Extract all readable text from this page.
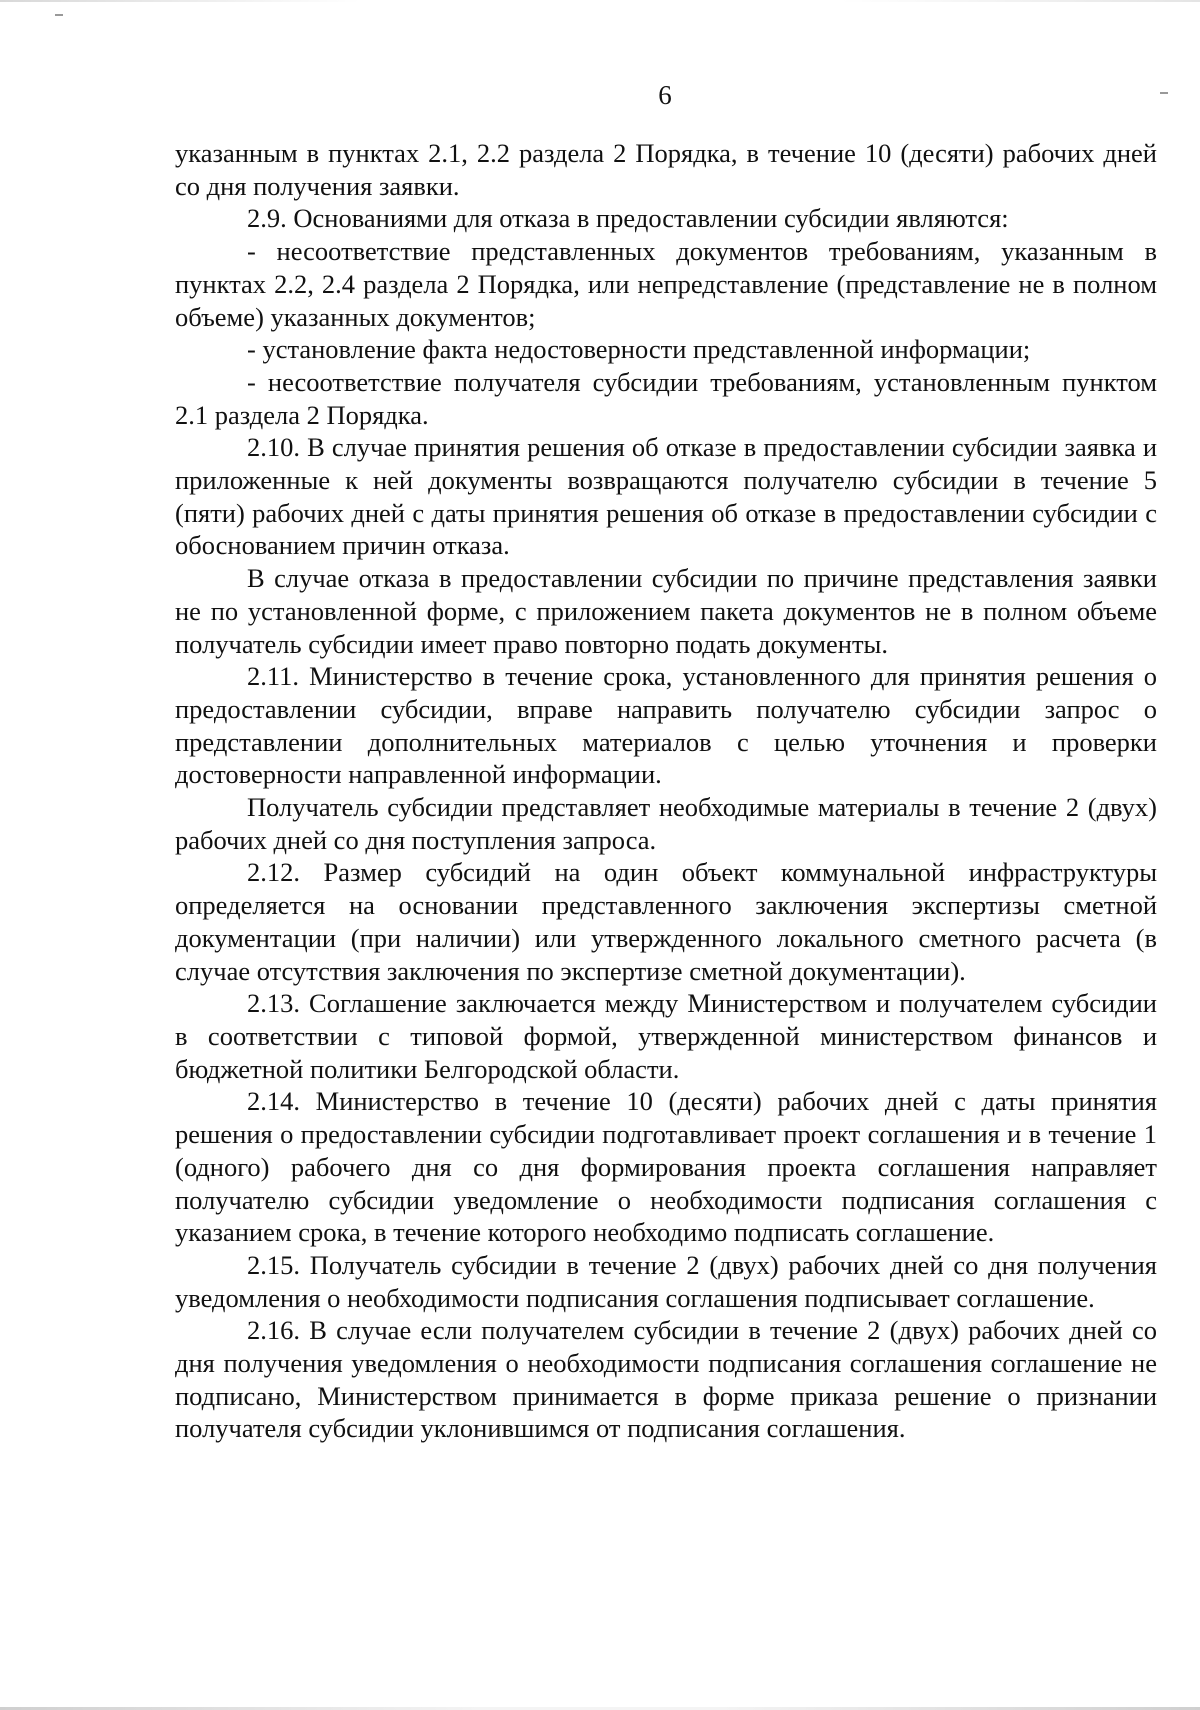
6

указанным в пунктах 2.1, 2.2 раздела 2 Порядка, в течение 10 (десяти) рабочих дней со дня получения заявки.

2.9. Основаниями для отказа в предоставлении субсидии являются:

- несоответствие представленных документов требованиям, указанным в пунктах 2.2, 2.4 раздела 2 Порядка, или непредставление (представление не в полном объеме) указанных документов;

- установление факта недостоверности представленной информации;

- несоответствие получателя субсидии требованиям, установленным пунктом 2.1 раздела 2 Порядка.

2.10. В случае принятия решения об отказе в предоставлении субсидии заявка и приложенные к ней документы возвращаются получателю субсидии в течение 5 (пяти) рабочих дней с даты принятия решения об отказе в предоставлении субсидии с обоснованием причин отказа.

В случае отказа в предоставлении субсидии по причине представления заявки не по установленной форме, с приложением пакета документов не в полном объеме получатель субсидии имеет право повторно подать документы.

2.11. Министерство в течение срока, установленного для принятия решения о предоставлении субсидии, вправе направить получателю субсидии запрос о представлении дополнительных материалов с целью уточнения и проверки достоверности направленной информации.

Получатель субсидии представляет необходимые материалы в течение 2 (двух) рабочих дней со дня поступления запроса.

2.12. Размер субсидий на один объект коммунальной инфраструктуры определяется на основании представленного заключения экспертизы сметной документации (при наличии) или утвержденного локального сметного расчета (в случае отсутствия заключения по экспертизе сметной документации).

2.13. Соглашение заключается между Министерством и получателем субсидии в соответствии с типовой формой, утвержденной министерством финансов и бюджетной политики Белгородской области.

2.14. Министерство в течение 10 (десяти) рабочих дней с даты принятия решения о предоставлении субсидии подготавливает проект соглашения и в течение 1 (одного) рабочего дня со дня формирования проекта соглашения направляет получателю субсидии уведомление о необходимости подписания соглашения с указанием срока, в течение которого необходимо подписать соглашение.

2.15. Получатель субсидии в течение 2 (двух) рабочих дней со дня получения уведомления о необходимости подписания соглашения подписывает соглашение.

2.16. В случае если получателем субсидии в течение 2 (двух) рабочих дней со дня получения уведомления о необходимости подписания соглашения соглашение не подписано, Министерством принимается в форме приказа решение о признании получателя субсидии уклонившимся от подписания соглашения.
